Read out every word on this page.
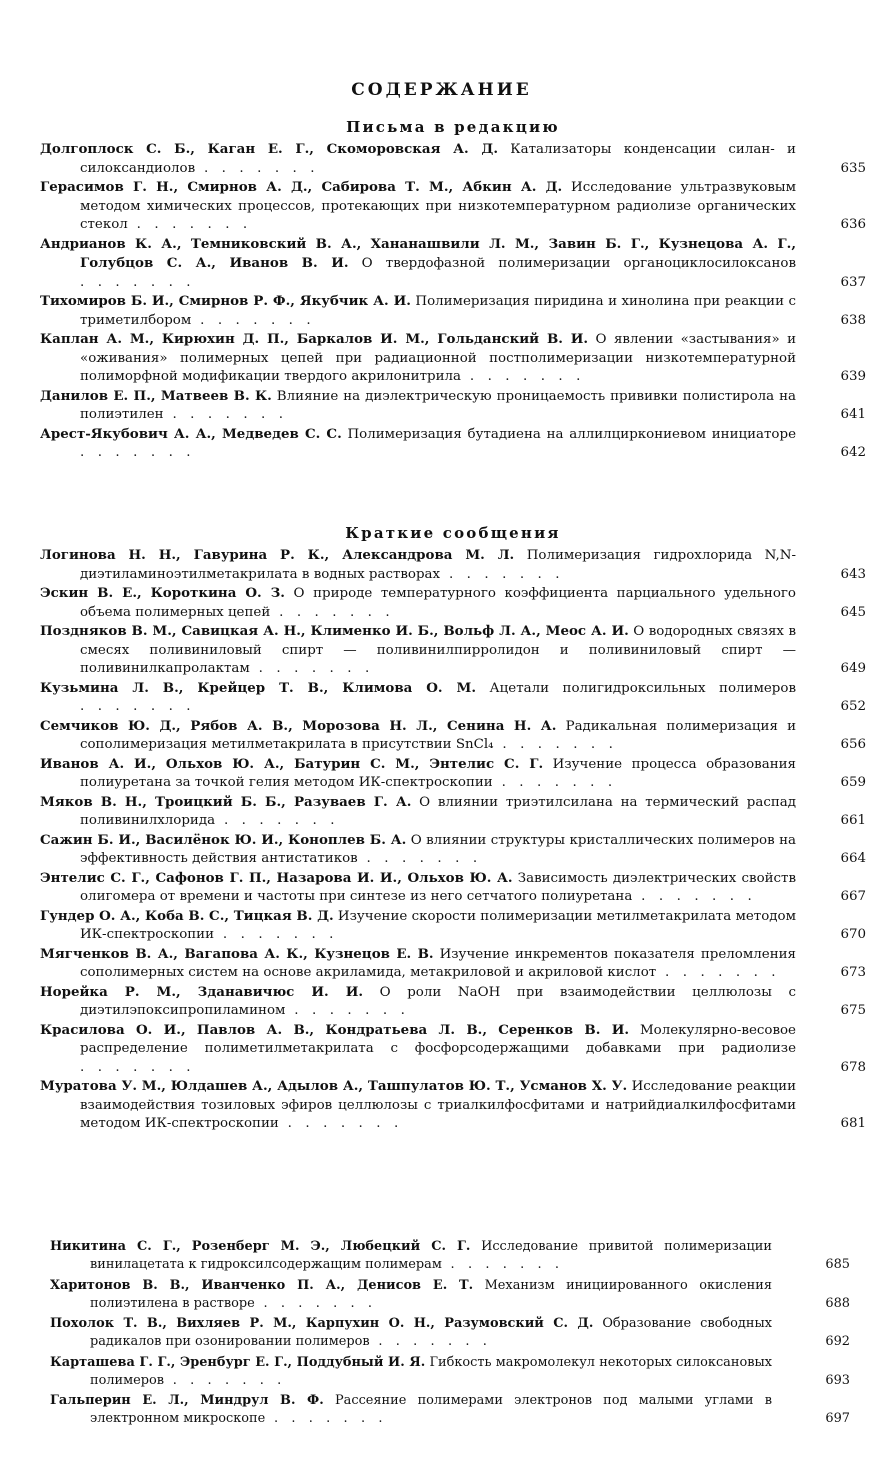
СОДЕРЖАНИЕ
Письма в редакцию

Долгоплоск С. Б., Каган Е. Г., Скоморовская А. Д. Катализаторы конденсации силан- и силоксандиолов . . . . . . .	635

Герасимов Г. Н., Смирнов А. Д., Сабирова Т. М., Абкин А. Д. Исследование ультразвуковым методом химических процессов, протекающих при низкотемпературном радиолизе органических стекол . . . . . . .	636

Андрианов К. А., Темниковский В. А., Хананашвили Л. М., Завин Б. Г., Кузнецова А. Г., Голубцов С. А., Иванов В. И. О твердофазной полимеризации органоциклосилоксанов . . . . . . .	637

Тихомиров Б. И., Смирнов Р. Ф., Якубчик А. И. Полимеризация пиридина и хинолина при реакции с триметилбором . . . . . . .	638

Каплан А. М., Кирюхин Д. П., Баркалов И. М., Гольданский В. И. О явлении «застывания» и «оживания» полимерных цепей при радиационной постполимеризации низкотемпературной полиморфной модификации твердого акрилонитрила . . . . . . .	639

Данилов Е. П., Матвеев В. К. Влияние на диэлектрическую проницаемость прививки полистирола на полиэтилен . . . . . . .	641

Арест-Якубович А. А., Медведев С. С. Полимеризация бутадиена на аллилциркониевом инициаторе . . . . . . .	642

Краткие сообщения

Логинова Н. Н., Гавурина Р. К., Александрова М. Л. Полимеризация гидрохлорида N,N-диэтиламиноэтилметакрилата в водных растворах . . . . . . .	643

Эскин В. Е., Короткина О. З. О природе температурного коэффициента парциального удельного объема полимерных цепей . . . . . . .	645

Поздняков В. М., Савицкая А. Н., Клименко И. Б., Вольф Л. А., Меос А. И. О водородных связях в смесях поливиниловый спирт — поливинилпирролидон и поливиниловый спирт — поливинилкапролактам . . . . . . .	649

Кузьмина Л. В., Крейцер Т. В., Климова О. М. Ацетали полигидроксильных полимеров . . . . . . .	652

Семчиков Ю. Д., Рябов А. В., Морозова Н. Л., Сенина Н. А. Радикальная полимеризация и сополимеризация метилметакрилата в присутствии SnCl₄ . . . . . . .	656

Иванов А. И., Ольхов Ю. А., Батурин С. М., Энтелис С. Г. Изучение процесса образования полиуретана за точкой гелия методом ИК-спектроскопии . . . . . . .	659

Мяков В. Н., Троицкий Б. Б., Разуваев Г. А. О влиянии триэтилсилана на термический распад поливинилхлорида . . . . . . .	661

Сажин Б. И., Василёнок Ю. И., Коноплев Б. А. О влиянии структуры кристаллических полимеров на эффективность действия антистатиков . . . . . . .	664

Энтелис С. Г., Сафонов Г. П., Назарова И. И., Ольхов Ю. А. Зависимость диэлектрических свойств олигомера от времени и частоты при синтезе из него сетчатого полиуретана . . . . . . .	667

Гундер О. А., Коба В. С., Тицкая В. Д. Изучение скорости полимеризации метилметакрилата методом ИК-спектроскопии . . . . . . .	670

Мягченков В. А., Вагапова А. К., Кузнецов Е. В. Изучение инкрементов показателя преломления сополимерных систем на основе акриламида, метакриловой и акриловой кислот . . . . . . .	673

Норейка Р. М., Зданавичюс И. И. О роли NaOH при взаимодействии целлюлозы с диэтилэпоксипропиламином . . . . . . .	675

Красилова О. И., Павлов А. В., Кондратьева Л. В., Серенков В. И. Молекулярно-весовое распределение полиметилметакрилата с фосфорсодержащими добавками при радиолизе . . . . . . .	678

Муратова У. М., Юлдашев А., Адылов А., Ташпулатов Ю. Т., Усманов Х. У. Исследование реакции взаимодействия тозиловых эфиров целлюлозы с триалкилфосфитами и натрийдиалкилфосфитами методом ИК-спектроскопии . . . . . . .	681

Никитина С. Г., Розенберг М. Э., Любецкий С. Г. Исследование привитой полимеризации винилацетата к гидроксилсодержащим полимерам . . . . . . .	685

Харитонов В. В., Иванченко П. А., Денисов Е. Т. Механизм инициированного окисления полиэтилена в растворе . . . . . . .	688

Похолок Т. В., Вихляев Р. М., Карпухин О. Н., Разумовский С. Д. Образование свободных радикалов при озонировании полимеров . . . . . . .	692

Карташева Г. Г., Эренбург Е. Г., Поддубный И. Я. Гибкость макромолекул некоторых силоксановых полимеров . . . . . . .	693

Гальперин Е. Л., Миндрул В. Ф. Рассеяние полимерами электронов под малыми углами в электронном микроскопе . . . . . . .	697
